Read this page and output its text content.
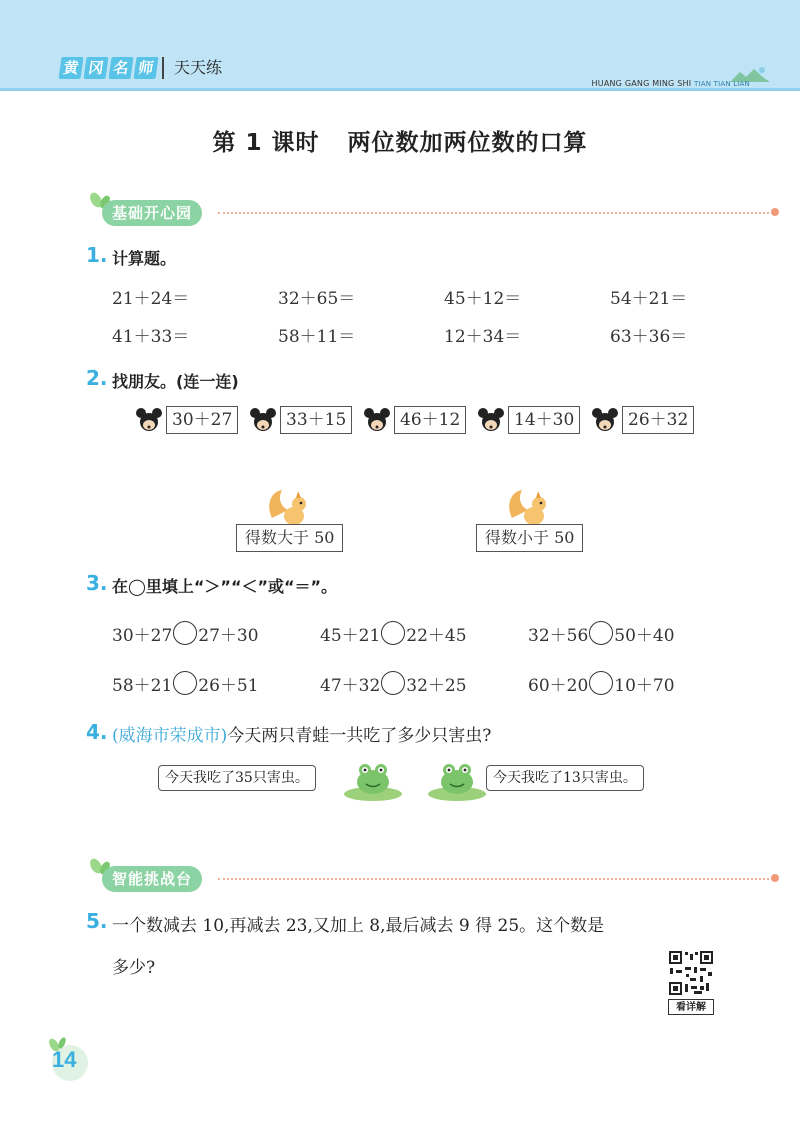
黄 冈 名 师	天天练
HUANG GANG MING SHI TIAN TIAN LIAN
第 1 课时 两位数加两位数的口算
基础开心园
1. 计算题。
21＋24＝	32＋65＝	45＋12＝	54＋21＝
41＋33＝	58＋11＝	12＋34＝	63＋36＝
2. 找朋友。(连一连)
30＋27	33＋15	46＋12	14＋30	26＋32
得数大于 50	得数小于 50
3. 在◯里填上“＞”“＜”或“＝”。
30＋27 27＋30	45＋21 22＋45	32＋56 50＋40
58＋21 26＋51	47＋32 32＋25	60＋20 10＋70
4. (威海市荣成市)今天两只青蛙一共吃了多少只害虫?
今天我吃了35只害虫。	今天我吃了13只害虫。
智能挑战台
5. 一个数减去 10,再减去 23,又加上 8,最后减去 9 得 25。这个数是
多少?
看详解
14
